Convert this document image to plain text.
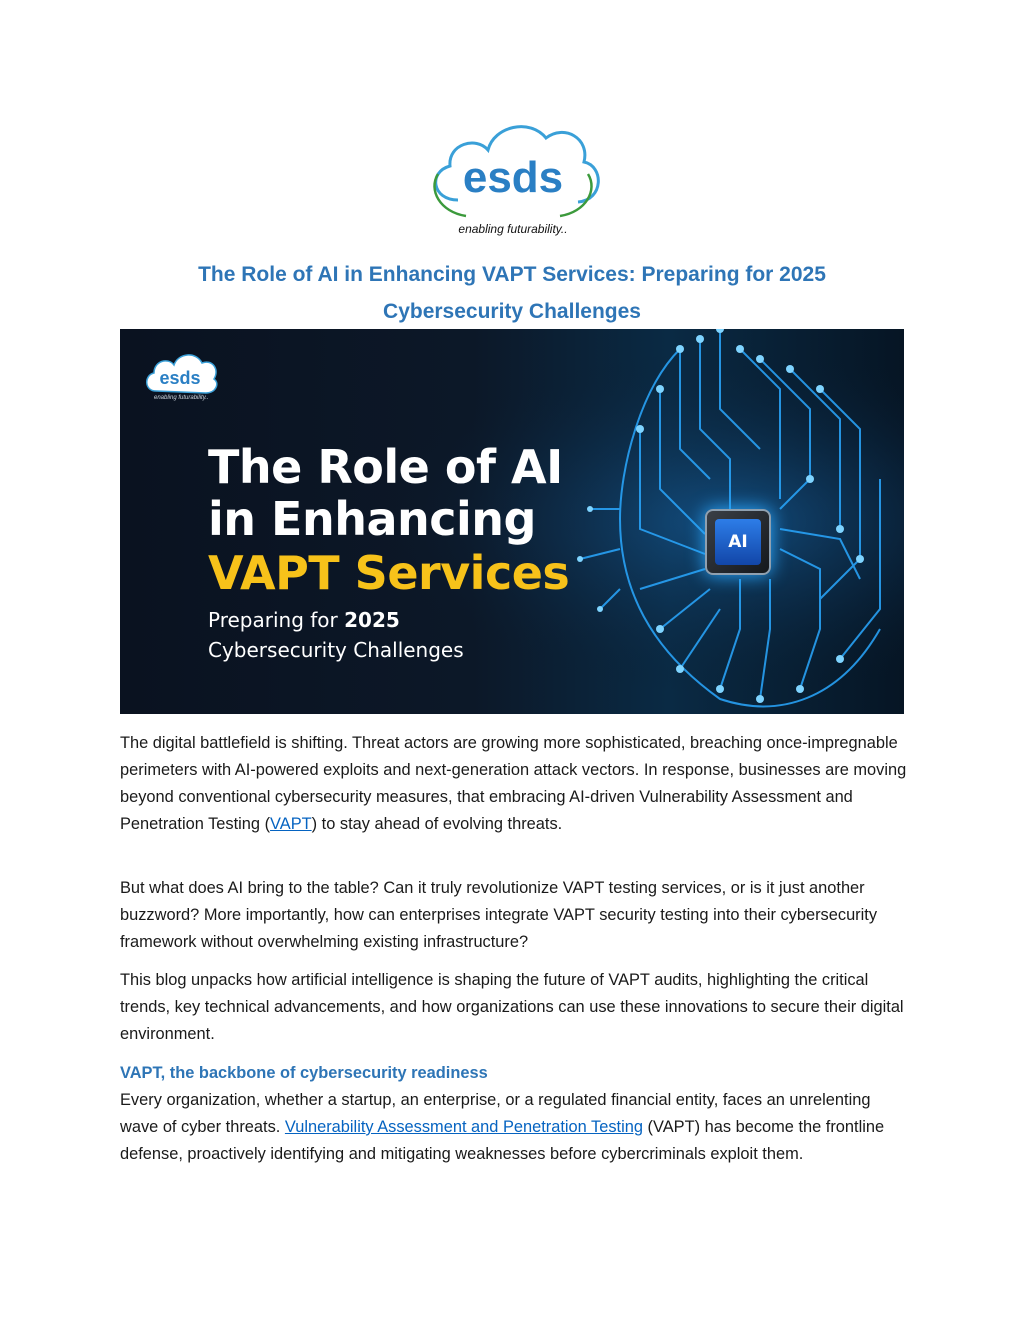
esds
enabling futurability..
The Role of AI in Enhancing VAPT Services: Preparing for 2025
Cybersecurity Challenges
esds
enabling futurability..
The Role of AI
in Enhancing
VAPT Services
Preparing for 2025
Cybersecurity Challenges
AI
The digital battlefield is shifting. Threat actors are growing more sophisticated, breaching once-impregnable perimeters with AI-powered exploits and next-generation attack vectors. In response, businesses are moving beyond conventional cybersecurity measures, that embracing AI-driven Vulnerability Assessment and Penetration Testing (VAPT) to stay ahead of evolving threats.
But what does AI bring to the table? Can it truly revolutionize VAPT testing services, or is it just another buzzword? More importantly, how can enterprises integrate VAPT security testing into their cybersecurity framework without overwhelming existing infrastructure?
This blog unpacks how artificial intelligence is shaping the future of VAPT audits, highlighting the critical trends, key technical advancements, and how organizations can use these innovations to secure their digital environment.
VAPT, the backbone of cybersecurity readiness
Every organization, whether a startup, an enterprise, or a regulated financial entity, faces an unrelenting wave of cyber threats. Vulnerability Assessment and Penetration Testing (VAPT) has become the frontline defense, proactively identifying and mitigating weaknesses before cybercriminals exploit them.
